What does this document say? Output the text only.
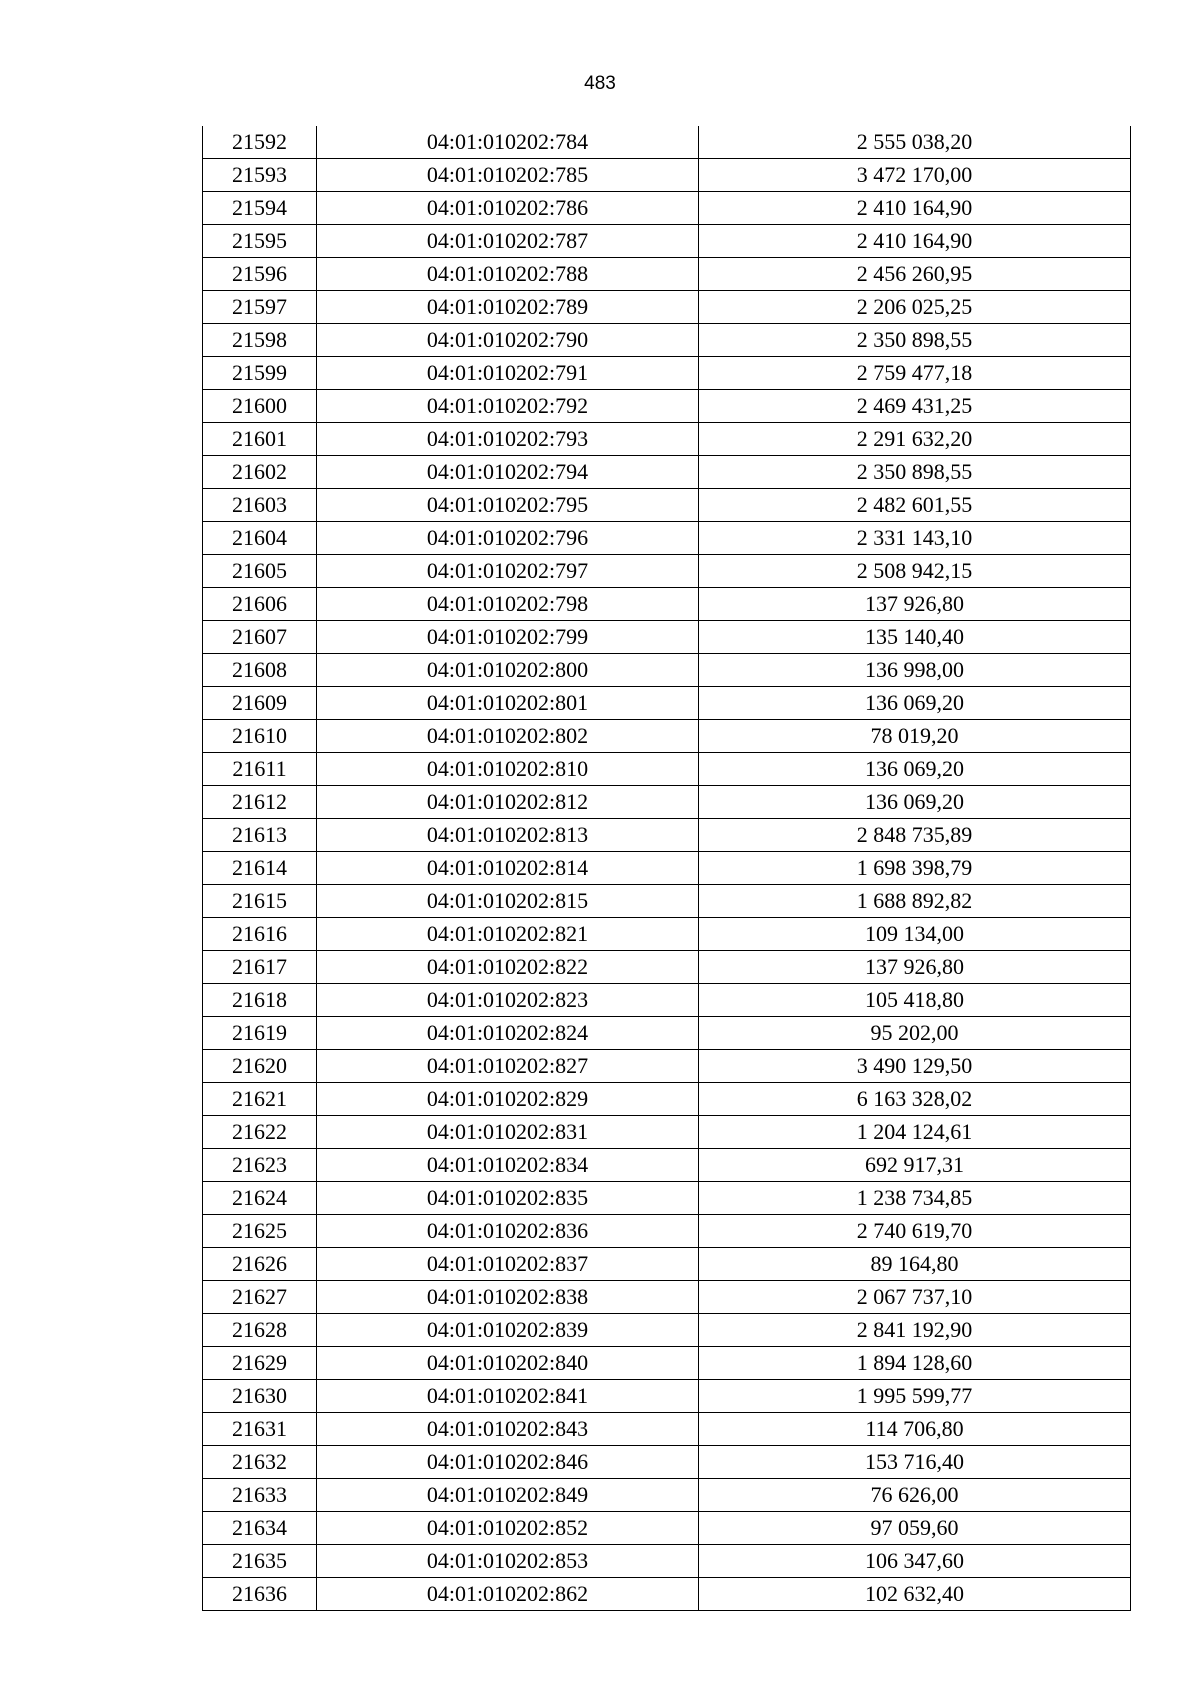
483
21592	04:01:010202:784	2 555 038,20
21593	04:01:010202:785	3 472 170,00
21594	04:01:010202:786	2 410 164,90
21595	04:01:010202:787	2 410 164,90
21596	04:01:010202:788	2 456 260,95
21597	04:01:010202:789	2 206 025,25
21598	04:01:010202:790	2 350 898,55
21599	04:01:010202:791	2 759 477,18
21600	04:01:010202:792	2 469 431,25
21601	04:01:010202:793	2 291 632,20
21602	04:01:010202:794	2 350 898,55
21603	04:01:010202:795	2 482 601,55
21604	04:01:010202:796	2 331 143,10
21605	04:01:010202:797	2 508 942,15
21606	04:01:010202:798	137 926,80
21607	04:01:010202:799	135 140,40
21608	04:01:010202:800	136 998,00
21609	04:01:010202:801	136 069,20
21610	04:01:010202:802	78 019,20
21611	04:01:010202:810	136 069,20
21612	04:01:010202:812	136 069,20
21613	04:01:010202:813	2 848 735,89
21614	04:01:010202:814	1 698 398,79
21615	04:01:010202:815	1 688 892,82
21616	04:01:010202:821	109 134,00
21617	04:01:010202:822	137 926,80
21618	04:01:010202:823	105 418,80
21619	04:01:010202:824	95 202,00
21620	04:01:010202:827	3 490 129,50
21621	04:01:010202:829	6 163 328,02
21622	04:01:010202:831	1 204 124,61
21623	04:01:010202:834	692 917,31
21624	04:01:010202:835	1 238 734,85
21625	04:01:010202:836	2 740 619,70
21626	04:01:010202:837	89 164,80
21627	04:01:010202:838	2 067 737,10
21628	04:01:010202:839	2 841 192,90
21629	04:01:010202:840	1 894 128,60
21630	04:01:010202:841	1 995 599,77
21631	04:01:010202:843	114 706,80
21632	04:01:010202:846	153 716,40
21633	04:01:010202:849	76 626,00
21634	04:01:010202:852	97 059,60
21635	04:01:010202:853	106 347,60
21636	04:01:010202:862	102 632,40
